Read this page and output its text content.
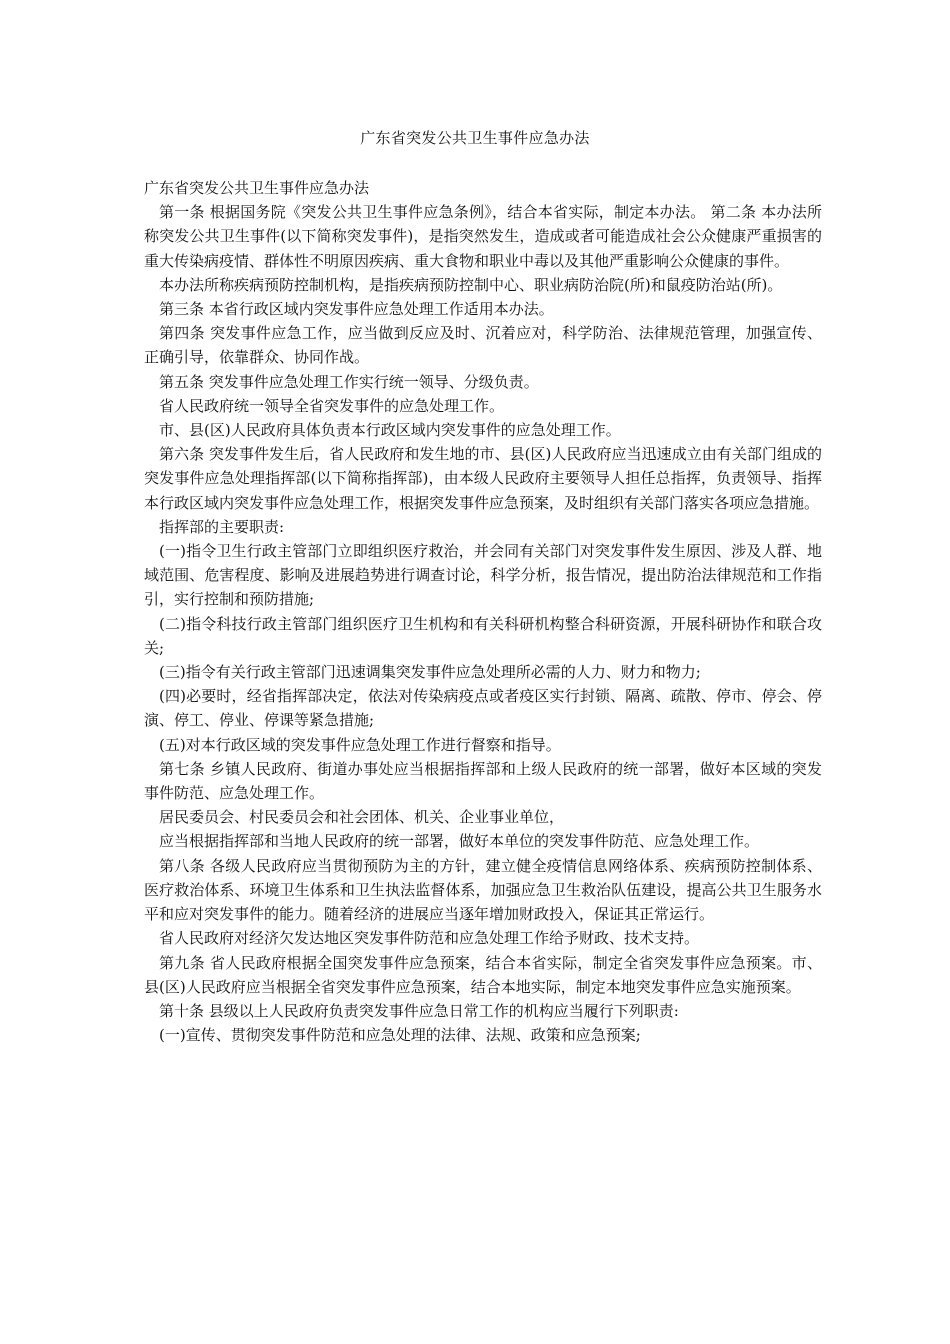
广东省突发公共卫生事件应急办法

广东省突发公共卫生事件应急办法

第一条 根据国务院《突发公共卫生事件应急条例》，结合本省实际，制定本办法。 第二条 本办法所称突发公共卫生事件(以下简称突发事件)，是指突然发生，造成或者可能造成社会公众健康严重损害的重大传染病疫情、群体性不明原因疾病、重大食物和职业中毒以及其他严重影响公众健康的事件。

本办法所称疾病预防控制机构，是指疾病预防控制中心、职业病防治院(所)和鼠疫防治站(所)。

第三条 本省行政区域内突发事件应急处理工作适用本办法。

第四条 突发事件应急工作，应当做到反应及时、沉着应对，科学防治、法律规范管理，加强宣传、正确引导，依靠群众、协同作战。

第五条 突发事件应急处理工作实行统一领导、分级负责。

省人民政府统一领导全省突发事件的应急处理工作。

市、县(区)人民政府具体负责本行政区域内突发事件的应急处理工作。

第六条 突发事件发生后，省人民政府和发生地的市、县(区)人民政府应当迅速成立由有关部门组成的突发事件应急处理指挥部(以下简称指挥部)，由本级人民政府主要领导人担任总指挥，负责领导、指挥本行政区域内突发事件应急处理工作，根据突发事件应急预案，及时组织有关部门落实各项应急措施。

指挥部的主要职责:

(一)指令卫生行政主管部门立即组织医疗救治，并会同有关部门对突发事件发生原因、涉及人群、地域范围、危害程度、影响及进展趋势进行调查讨论，科学分析，报告情况，提出防治法律规范和工作指引，实行控制和预防措施;

(二)指令科技行政主管部门组织医疗卫生机构和有关科研机构整合科研资源，开展科研协作和联合攻关;

(三)指令有关行政主管部门迅速调集突发事件应急处理所必需的人力、财力和物力;

(四)必要时，经省指挥部决定，依法对传染病疫点或者疫区实行封锁、隔离、疏散、停市、停会、停演、停工、停业、停课等紧急措施;

(五)对本行政区域的突发事件应急处理工作进行督察和指导。

第七条 乡镇人民政府、街道办事处应当根据指挥部和上级人民政府的统一部署，做好本区域的突发事件防范、应急处理工作。

居民委员会、村民委员会和社会团体、机关、企业事业单位，

应当根据指挥部和当地人民政府的统一部署，做好本单位的突发事件防范、应急处理工作。

第八条 各级人民政府应当贯彻预防为主的方针，建立健全疫情信息网络体系、疾病预防控制体系、医疗救治体系、环境卫生体系和卫生执法监督体系，加强应急卫生救治队伍建设，提高公共卫生服务水平和应对突发事件的能力。随着经济的进展应当逐年增加财政投入，保证其正常运行。

省人民政府对经济欠发达地区突发事件防范和应急处理工作给予财政、技术支持。

第九条 省人民政府根据全国突发事件应急预案，结合本省实际，制定全省突发事件应急预案。市、县(区)人民政府应当根据全省突发事件应急预案，结合本地实际，制定本地突发事件应急实施预案。

第十条 县级以上人民政府负责突发事件应急日常工作的机构应当履行下列职责:

(一)宣传、贯彻突发事件防范和应急处理的法律、法规、政策和应急预案;
